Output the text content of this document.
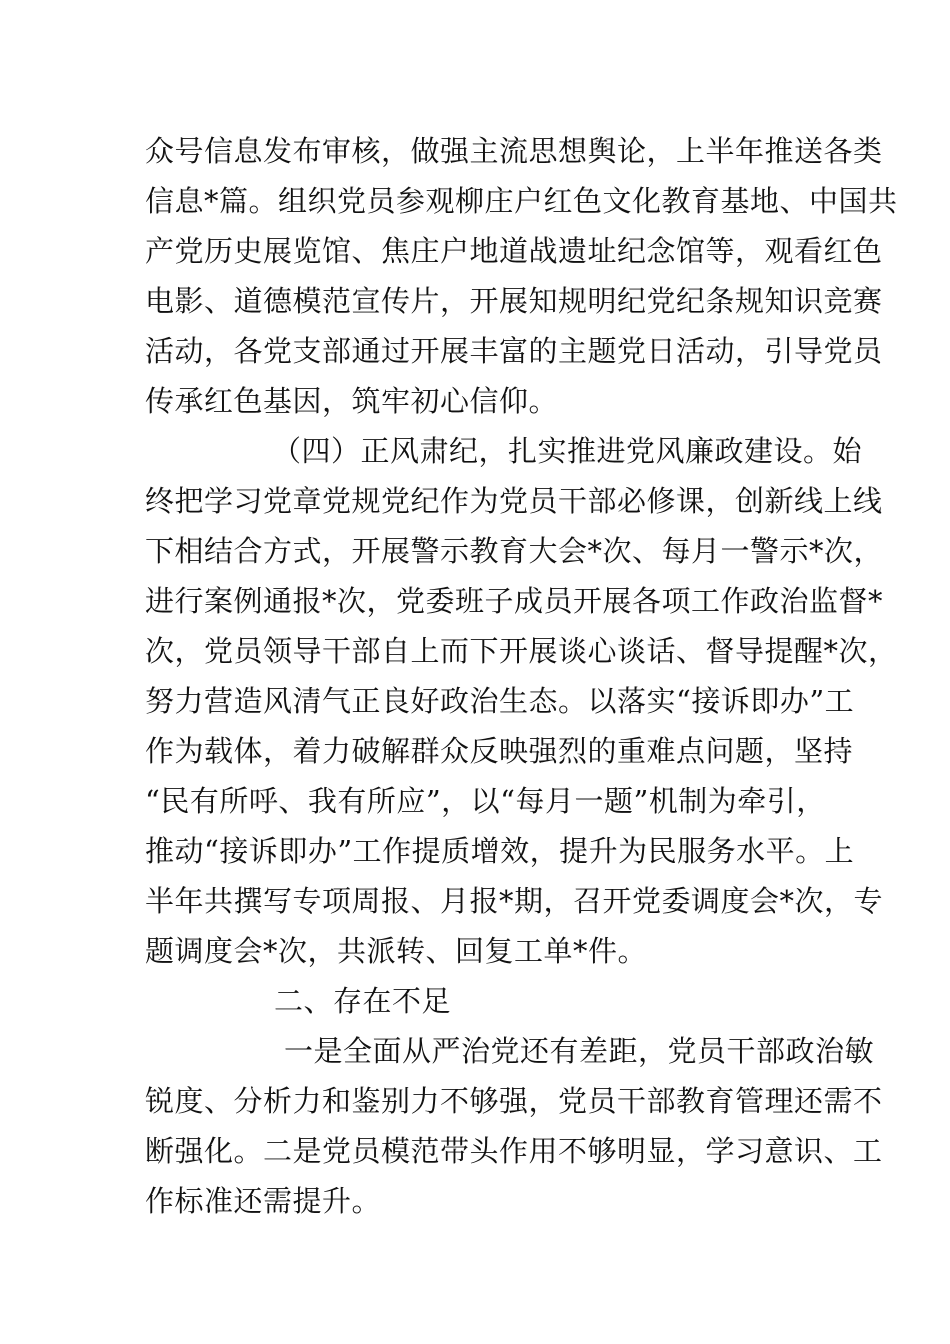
众号信息发布审核，做强主流思想舆论，上半年推送各类
信息*篇。组织党员参观柳庄户红色文化教育基地、中国共
产党历史展览馆、焦庄户地道战遗址纪念馆等，观看红色
电影、道德模范宣传片，开展知规明纪党纪条规知识竞赛
活动，各党支部通过开展丰富的主题党日活动，引导党员
传承红色基因，筑牢初心信仰。
（四）正风肃纪，扎实推进党风廉政建设。始
终把学习党章党规党纪作为党员干部必修课，创新线上线
下相结合方式，开展警示教育大会*次、每月一警示*次，
进行案例通报*次，党委班子成员开展各项工作政治监督*
次，党员领导干部自上而下开展谈心谈话、督导提醒*次，
努力营造风清气正良好政治生态。以落实“接诉即办”工
作为载体，着力破解群众反映强烈的重难点问题，坚持
“民有所呼、我有所应”，以“每月一题”机制为牵引，
推动“接诉即办”工作提质增效，提升为民服务水平。上
半年共撰写专项周报、月报*期，召开党委调度会*次，专
题调度会*次，共派转、回复工单*件。
二、存在不足
一是全面从严治党还有差距，党员干部政治敏
锐度、分析力和鉴别力不够强，党员干部教育管理还需不
断强化。二是党员模范带头作用不够明显，学习意识、工
作标准还需提升。
